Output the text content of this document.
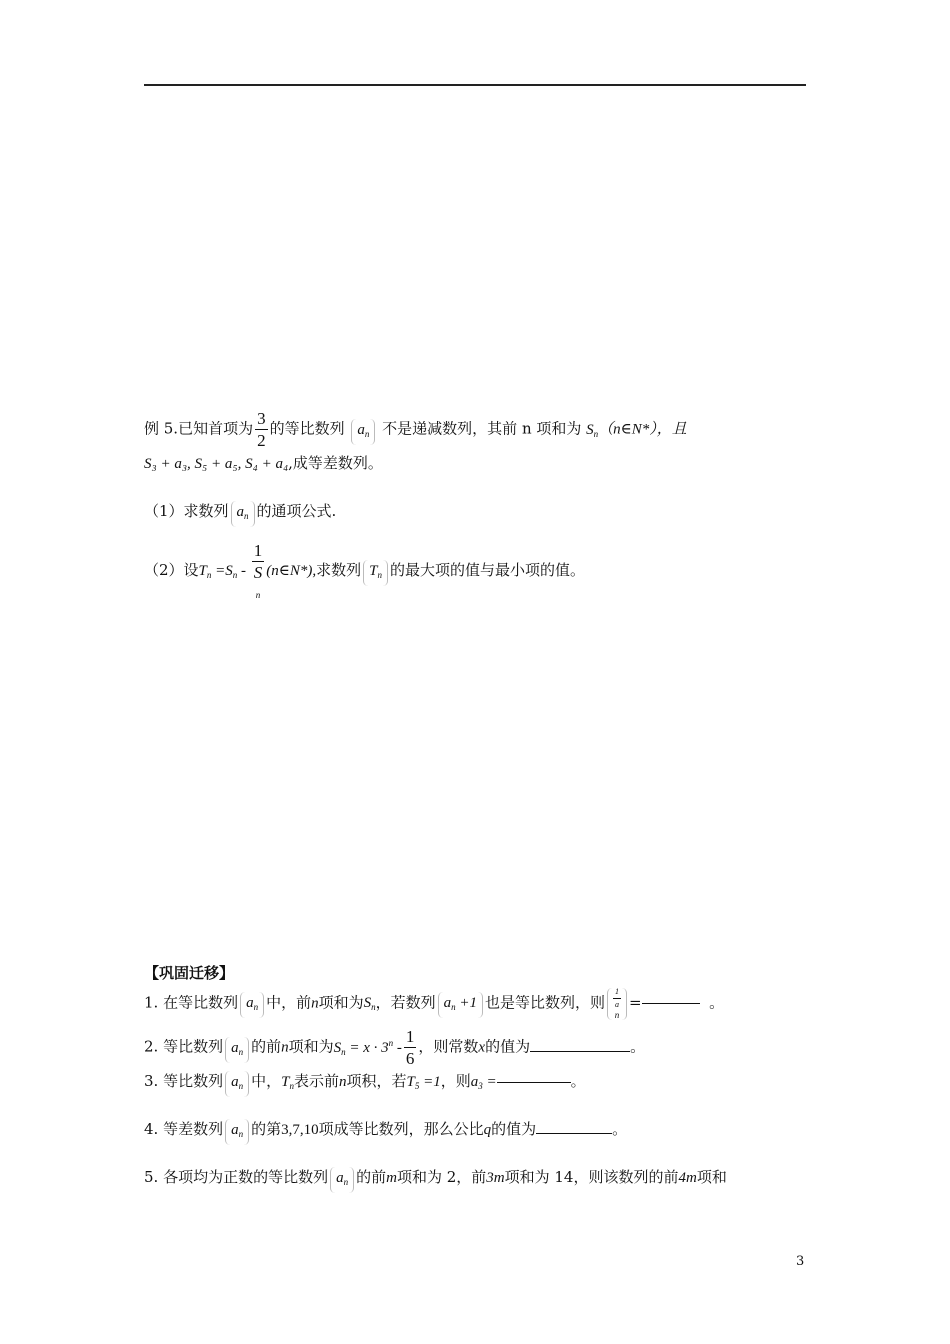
例 5.已知首项为 $\frac{3}{2}$ 的等比数列 $a_n$ 不是递减数列，其前 n 项和为 $S_n(n\in N*)$，且
S₃ + a₃, S₅ + a₅, S₄ + a₄,成等差数列。
（1）求数列 $a_n$ 的通项公式.
（2）设$T_n =S_n - 1$
S
$_n$ (n∈N*),求数列 $T_n$ 的最大项的值与最小项的值。
【巩固迁移】
1. 在等比数列 $a_n$ 中，前n项和为$S_n$，若数列 $a_n +1$ 也是等比数列，则 1
a
$_n$ =	。
2. 等比数列 $a_n$ 的前n项和为$S_n = x \cdot 3^n - \frac{1}{6}$ ，则常数x的值为	。
3. 等比数列 $a_n$ 中，$T_n$表示前n项积，若$T_5 =1$，则$a_3$ =	。
4. 等差数列 $a_n$ 的第3,7,10项成等比数列，那么公比q的值为	。
5. 各项均为正数的等比数列 $a_n$ 的前m项和为 2，前3m项和为 14，则该数列的前4m项和
3
